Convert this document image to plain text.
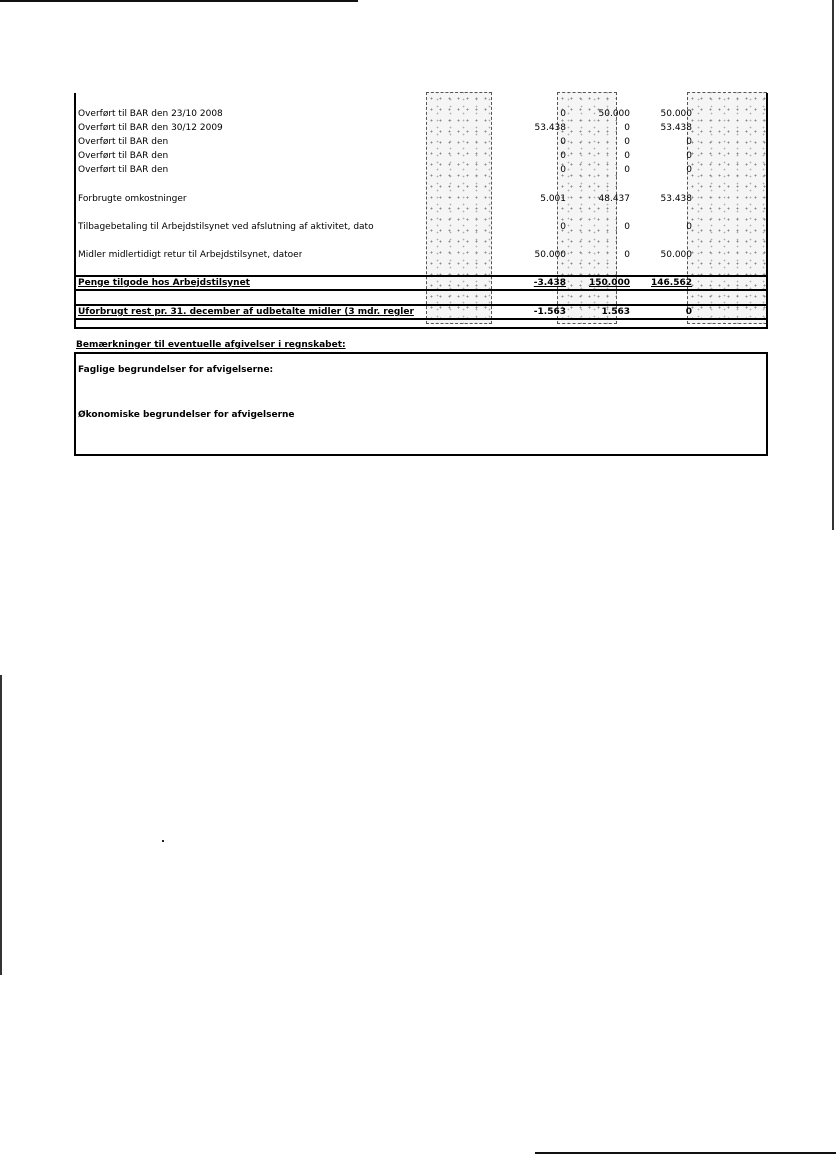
Overført til BAR den 23/10 2008	0	50.000	50.000
Overført til BAR den 30/12 2009	53.438	0	53.438
Overført til BAR den	0	0	0
Overført til BAR den	0	0	0
Overført til BAR den	0	0	0
Forbrugte omkostninger	5.001	48.437	53.438
Tilbagebetaling til Arbejdstilsynet ved afslutning af aktivitet, dato	0	0	0
Midler midlertidigt retur til Arbejdstilsynet, datoer	50.000	0	50.000
Penge tilgode hos Arbejdstilsynet	-3.438	150.000	146.562
Uforbrugt rest pr. 31. december af udbetalte midler (3 mdr. regler	-1.563	1.563	0
Bemærkninger til eventuelle afgivelser i regnskabet:
Faglige begrundelser for afvigelserne:
Økonomiske begrundelser for afvigelserne
